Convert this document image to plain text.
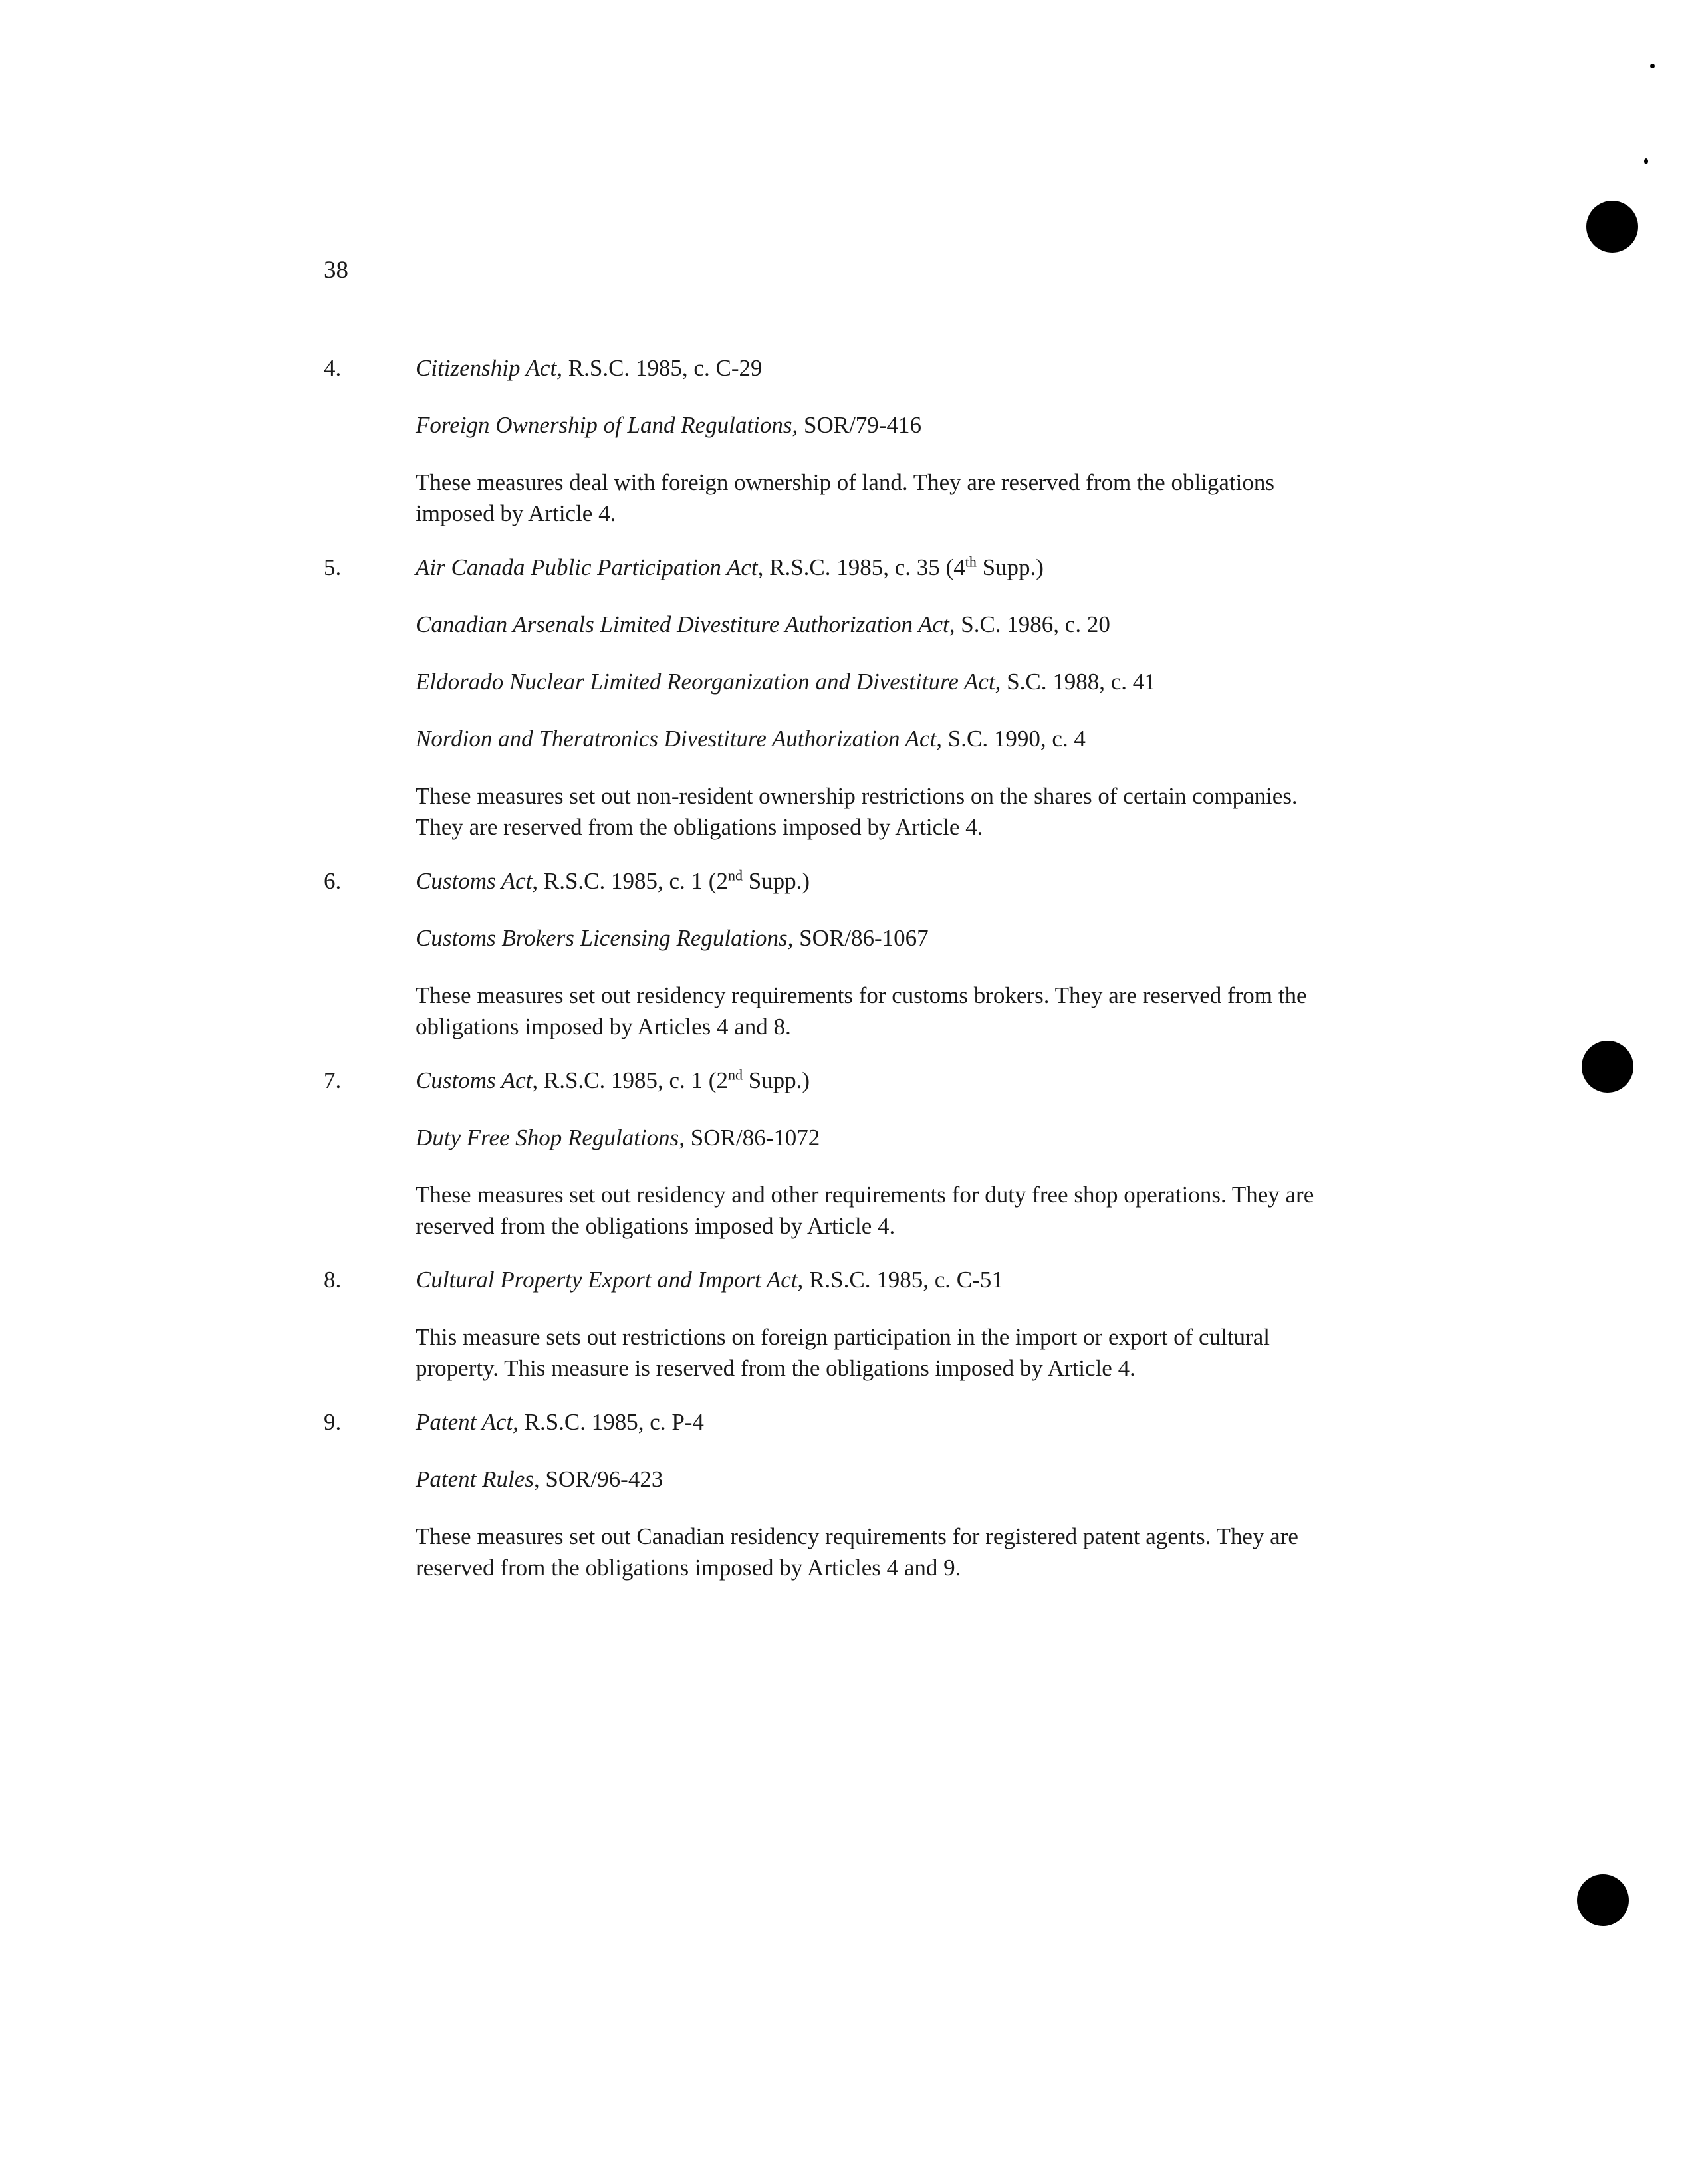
38
4.	Citizenship Act, R.S.C. 1985, c. C-29

Foreign Ownership of Land Regulations, SOR/79-416

These measures deal with foreign ownership of land. They are reserved from the obligations imposed by Article 4.

5.	Air Canada Public Participation Act, R.S.C. 1985, c. 35 (4th Supp.)

Canadian Arsenals Limited Divestiture Authorization Act, S.C. 1986, c. 20

Eldorado Nuclear Limited Reorganization and Divestiture Act, S.C. 1988, c. 41

Nordion and Theratronics Divestiture Authorization Act, S.C. 1990, c. 4

These measures set out non-resident ownership restrictions on the shares of certain companies. They are reserved from the obligations imposed by Article 4.

6.	Customs Act, R.S.C. 1985, c. 1 (2nd Supp.)

Customs Brokers Licensing Regulations, SOR/86-1067

These measures set out residency requirements for customs brokers. They are reserved from the obligations imposed by Articles 4 and 8.

7.	Customs Act, R.S.C. 1985, c. 1 (2nd Supp.)

Duty Free Shop Regulations, SOR/86-1072

These measures set out residency and other requirements for duty free shop operations. They are reserved from the obligations imposed by Article 4.

8.	Cultural Property Export and Import Act, R.S.C. 1985, c. C-51

This measure sets out restrictions on foreign participation in the import or export of cultural property. This measure is reserved from the obligations imposed by Article 4.

9.	Patent Act, R.S.C. 1985, c. P-4

Patent Rules, SOR/96-423

These measures set out Canadian residency requirements for registered patent agents. They are reserved from the obligations imposed by Articles 4 and 9.
